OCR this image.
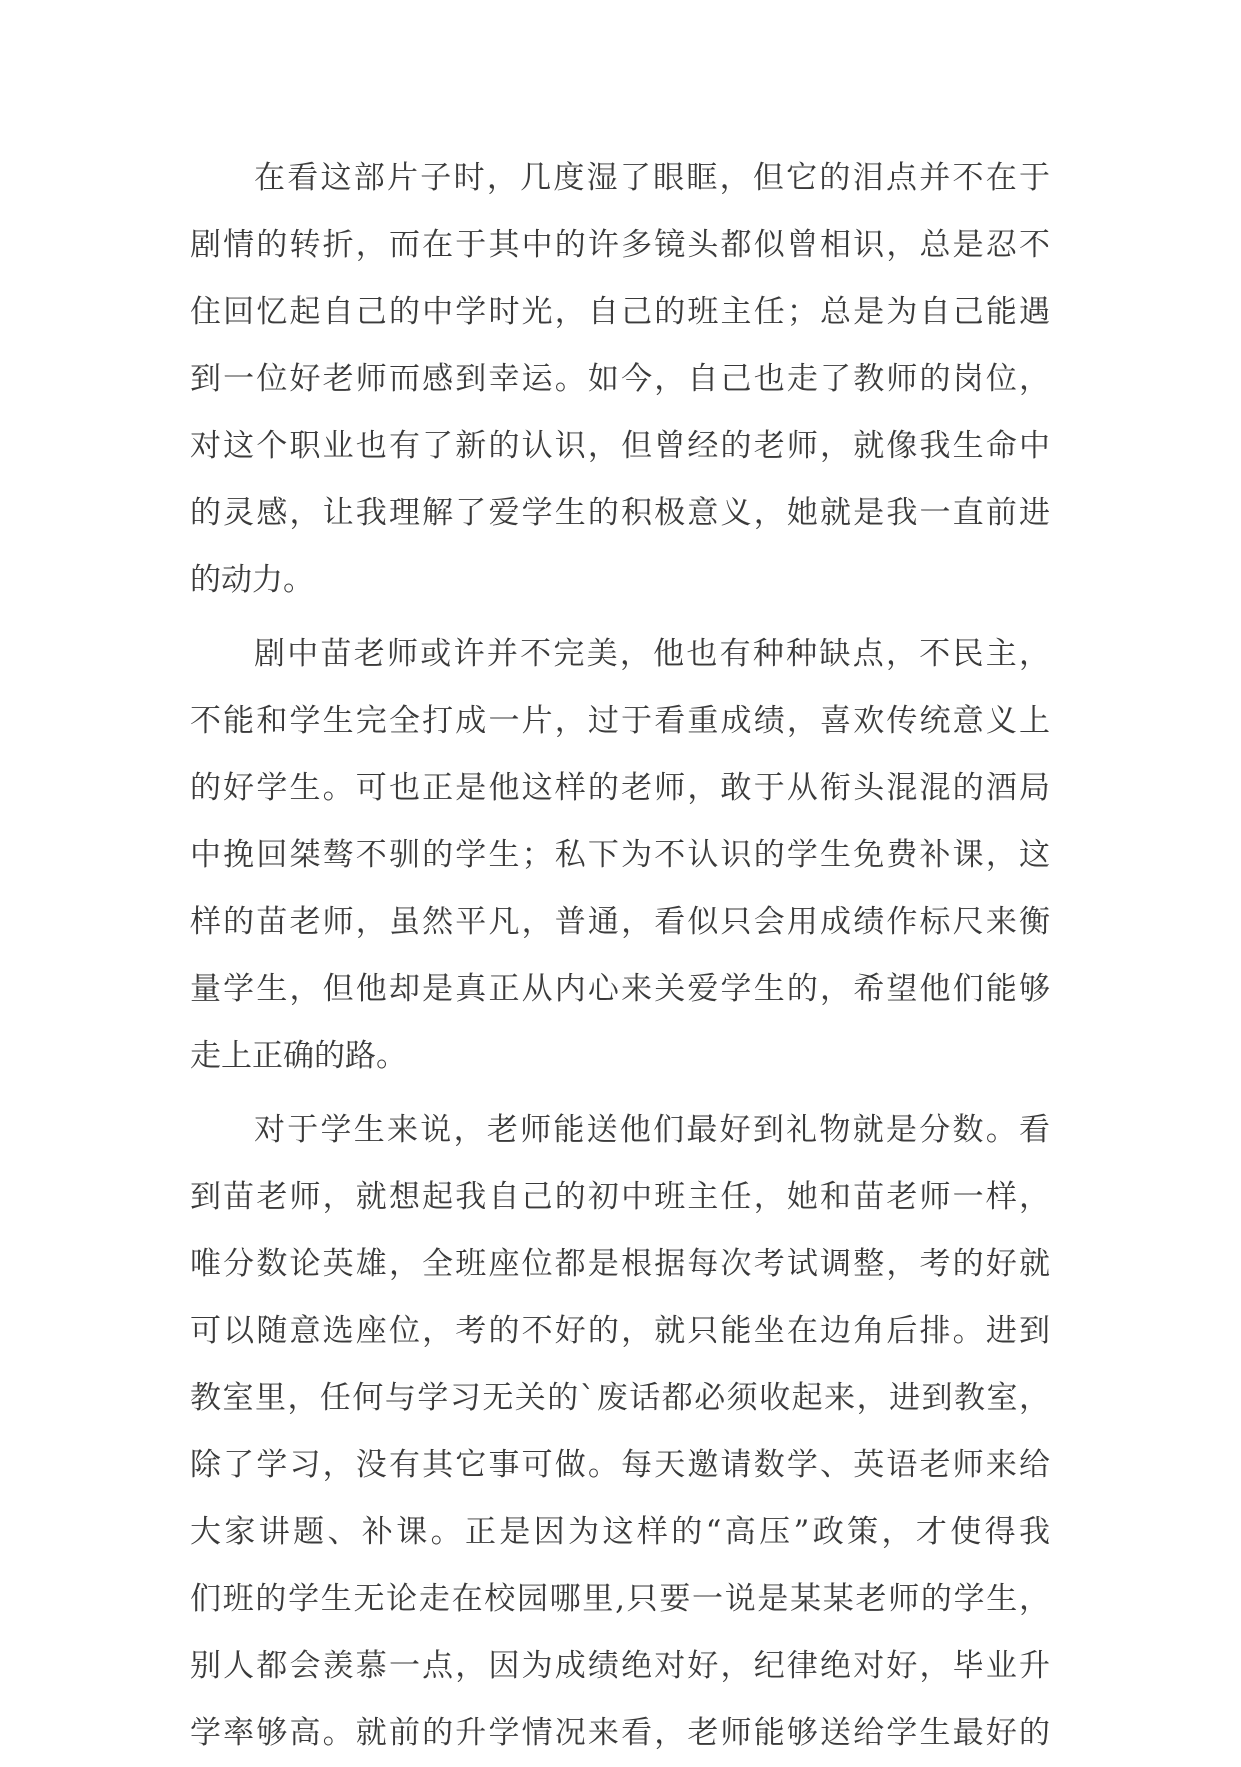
在看这部片子时，几度湿了眼眶，但它的泪点并不在于
剧情的转折，而在于其中的许多镜头都似曾相识，总是忍不
住回忆起自己的中学时光，自己的班主任；总是为自己能遇
到一位好老师而感到幸运。如今，自己也走了教师的岗位，
对这个职业也有了新的认识，但曾经的老师，就像我生命中
的灵感，让我理解了爱学生的积极意义，她就是我一直前进
的动力。
剧中苗老师或许并不完美，他也有种种缺点，不民主，
不能和学生完全打成一片，过于看重成绩，喜欢传统意义上
的好学生。可也正是他这样的老师，敢于从衔头混混的酒局
中挽回桀骜不驯的学生；私下为不认识的学生免费补课，这
样的苗老师，虽然平凡，普通，看似只会用成绩作标尺来衡
量学生，但他却是真正从内心来关爱学生的，希望他们能够
走上正确的路。
对于学生来说，老师能送他们最好到礼物就是分数。看
到苗老师，就想起我自己的初中班主任，她和苗老师一样，
唯分数论英雄，全班座位都是根据每次考试调整，考的好就
可以随意选座位，考的不好的，就只能坐在边角后排。进到
教室里，任何与学习无关的`废话都必须收起来，进到教室，
除了学习，没有其它事可做。每天邀请数学、英语老师来给
大家讲题、补课。正是因为这样的“高压”政策，才使得我
们班的学生无论走在校园哪里,只要一说是某某老师的学生，
别人都会羡慕一点，因为成绩绝对好，纪律绝对好，毕业升
学率够高。就前的升学情况来看，老师能够送给学生最好的
